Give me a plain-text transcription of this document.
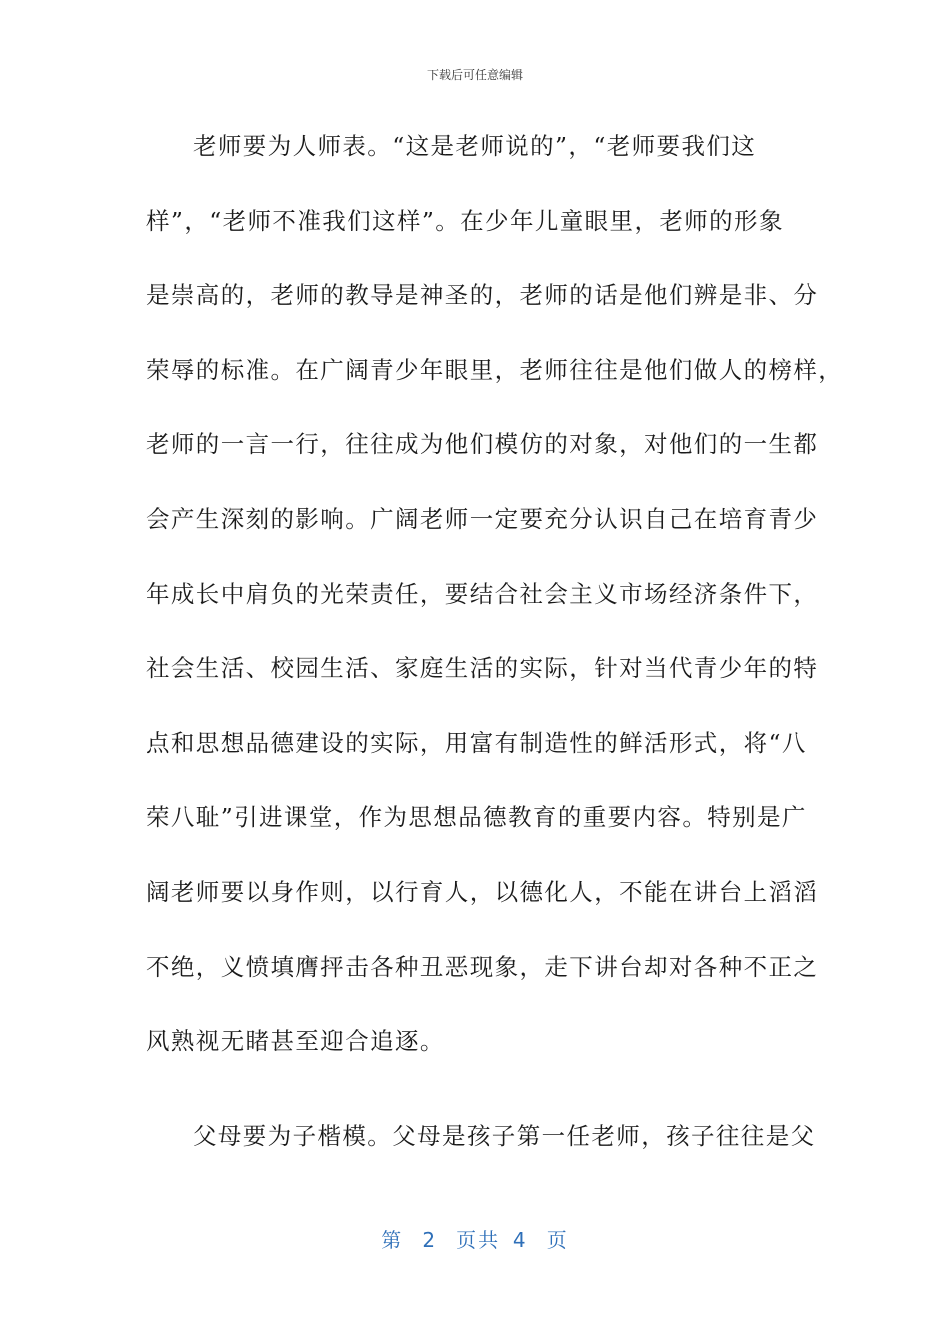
下载后可任意编辑
老师要为人师表。“这是老师说的”，“老师要我们这
样”，“老师不准我们这样”。在少年儿童眼里，老师的形象
是崇高的，老师的教导是神圣的，老师的话是他们辨是非、分
荣辱的标准。在广阔青少年眼里，老师往往是他们做人的榜样，
老师的一言一行，往往成为他们模仿的对象，对他们的一生都
会产生深刻的影响。广阔老师一定要充分认识自己在培育青少
年成长中肩负的光荣责任，要结合社会主义市场经济条件下，
社会生活、校园生活、家庭生活的实际，针对当代青少年的特
点和思想品德建设的实际，用富有制造性的鲜活形式，将“八
荣八耻”引进课堂，作为思想品德教育的重要内容。特别是广
阔老师要以身作则，以行育人，以德化人，不能在讲台上滔滔
不绝，义愤填膺抨击各种丑恶现象，走下讲台却对各种不正之
风熟视无睹甚至迎合追逐。
父母要为子楷模。父母是孩子第一任老师，孩子往往是父
第 2 页共 4 页
